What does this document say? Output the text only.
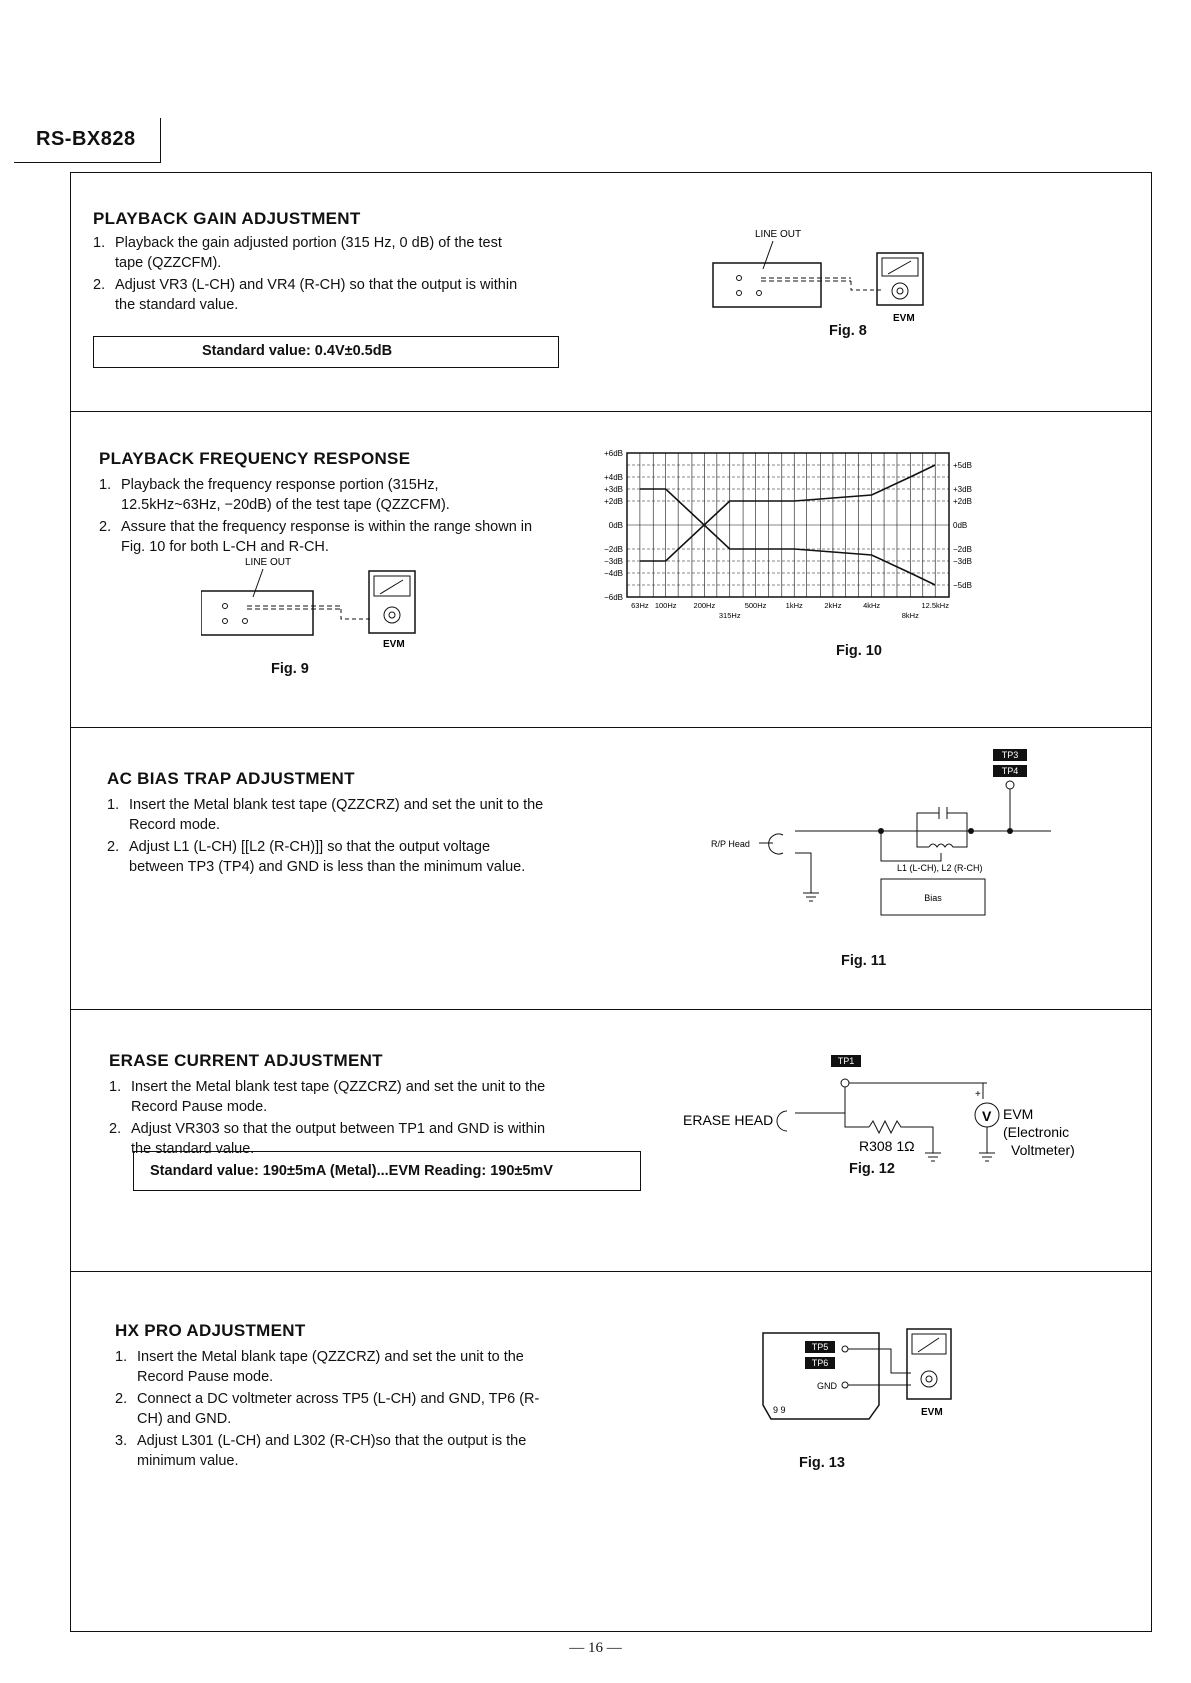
RS-BX828
PLAYBACK GAIN ADJUSTMENT
1. Playback the gain adjusted portion (315 Hz, 0 dB) of the test tape (QZZCFM).
2. Adjust VR3 (L-CH) and VR4 (R-CH) so that the output is within the standard value.
Standard value: 0.4V±0.5dB
LINE OUT
EVM
Fig. 8
PLAYBACK FREQUENCY RESPONSE
1. Playback the frequency response portion (315Hz, 12.5kHz~63Hz, −20dB) of the test tape (QZZCFM).
2. Assure that the frequency response is within the range shown in Fig. 10 for both L-CH and R-CH.
LINE OUT
EVM
Fig. 9
+6dB
+4dB
+3dB
+2dB
0dB
−2dB
−3dB
−4dB
−6dB
+5dB
+3dB
+2dB
0dB
−2dB
−3dB
−5dB
63Hz 100Hz 200Hz	500Hz	1kHz	2kHz	4kHz	12.5kHz
315Hz	8kHz
Fig. 10
AC BIAS TRAP ADJUSTMENT
1. Insert the Metal blank test tape (QZZCRZ) and set the unit to the Record mode.
2. Adjust L1 (L-CH) [[L2 (R-CH)]] so that the output voltage between TP3 (TP4) and GND is less than the minimum value.
TP3
TP4
R/P Head
L1 (L-CH), L2 (R-CH)
Bias
Fig. 11
ERASE CURRENT ADJUSTMENT
1. Insert the Metal blank test tape (QZZCRZ) and set the unit to the Record Pause mode.
2. Adjust VR303 so that the output between TP1 and GND is within the standard value.
Standard value: 190±5mA (Metal)...EVM Reading: 190±5mV
TP1
ERASE HEAD
R308 1Ω
+
V EVM
(Electronic
Voltmeter)
Fig. 12
HX PRO ADJUSTMENT
1. Insert the Metal blank tape (QZZCRZ) and set the unit to the Record Pause mode.
2. Connect a DC voltmeter across TP5 (L-CH) and GND, TP6 (R-CH) and GND.
3. Adjust L301 (L-CH) and L302 (R-CH)so that the output is the minimum value.
TP5
TP6
GND
9 9	EVM
Fig. 13
— 16 —
